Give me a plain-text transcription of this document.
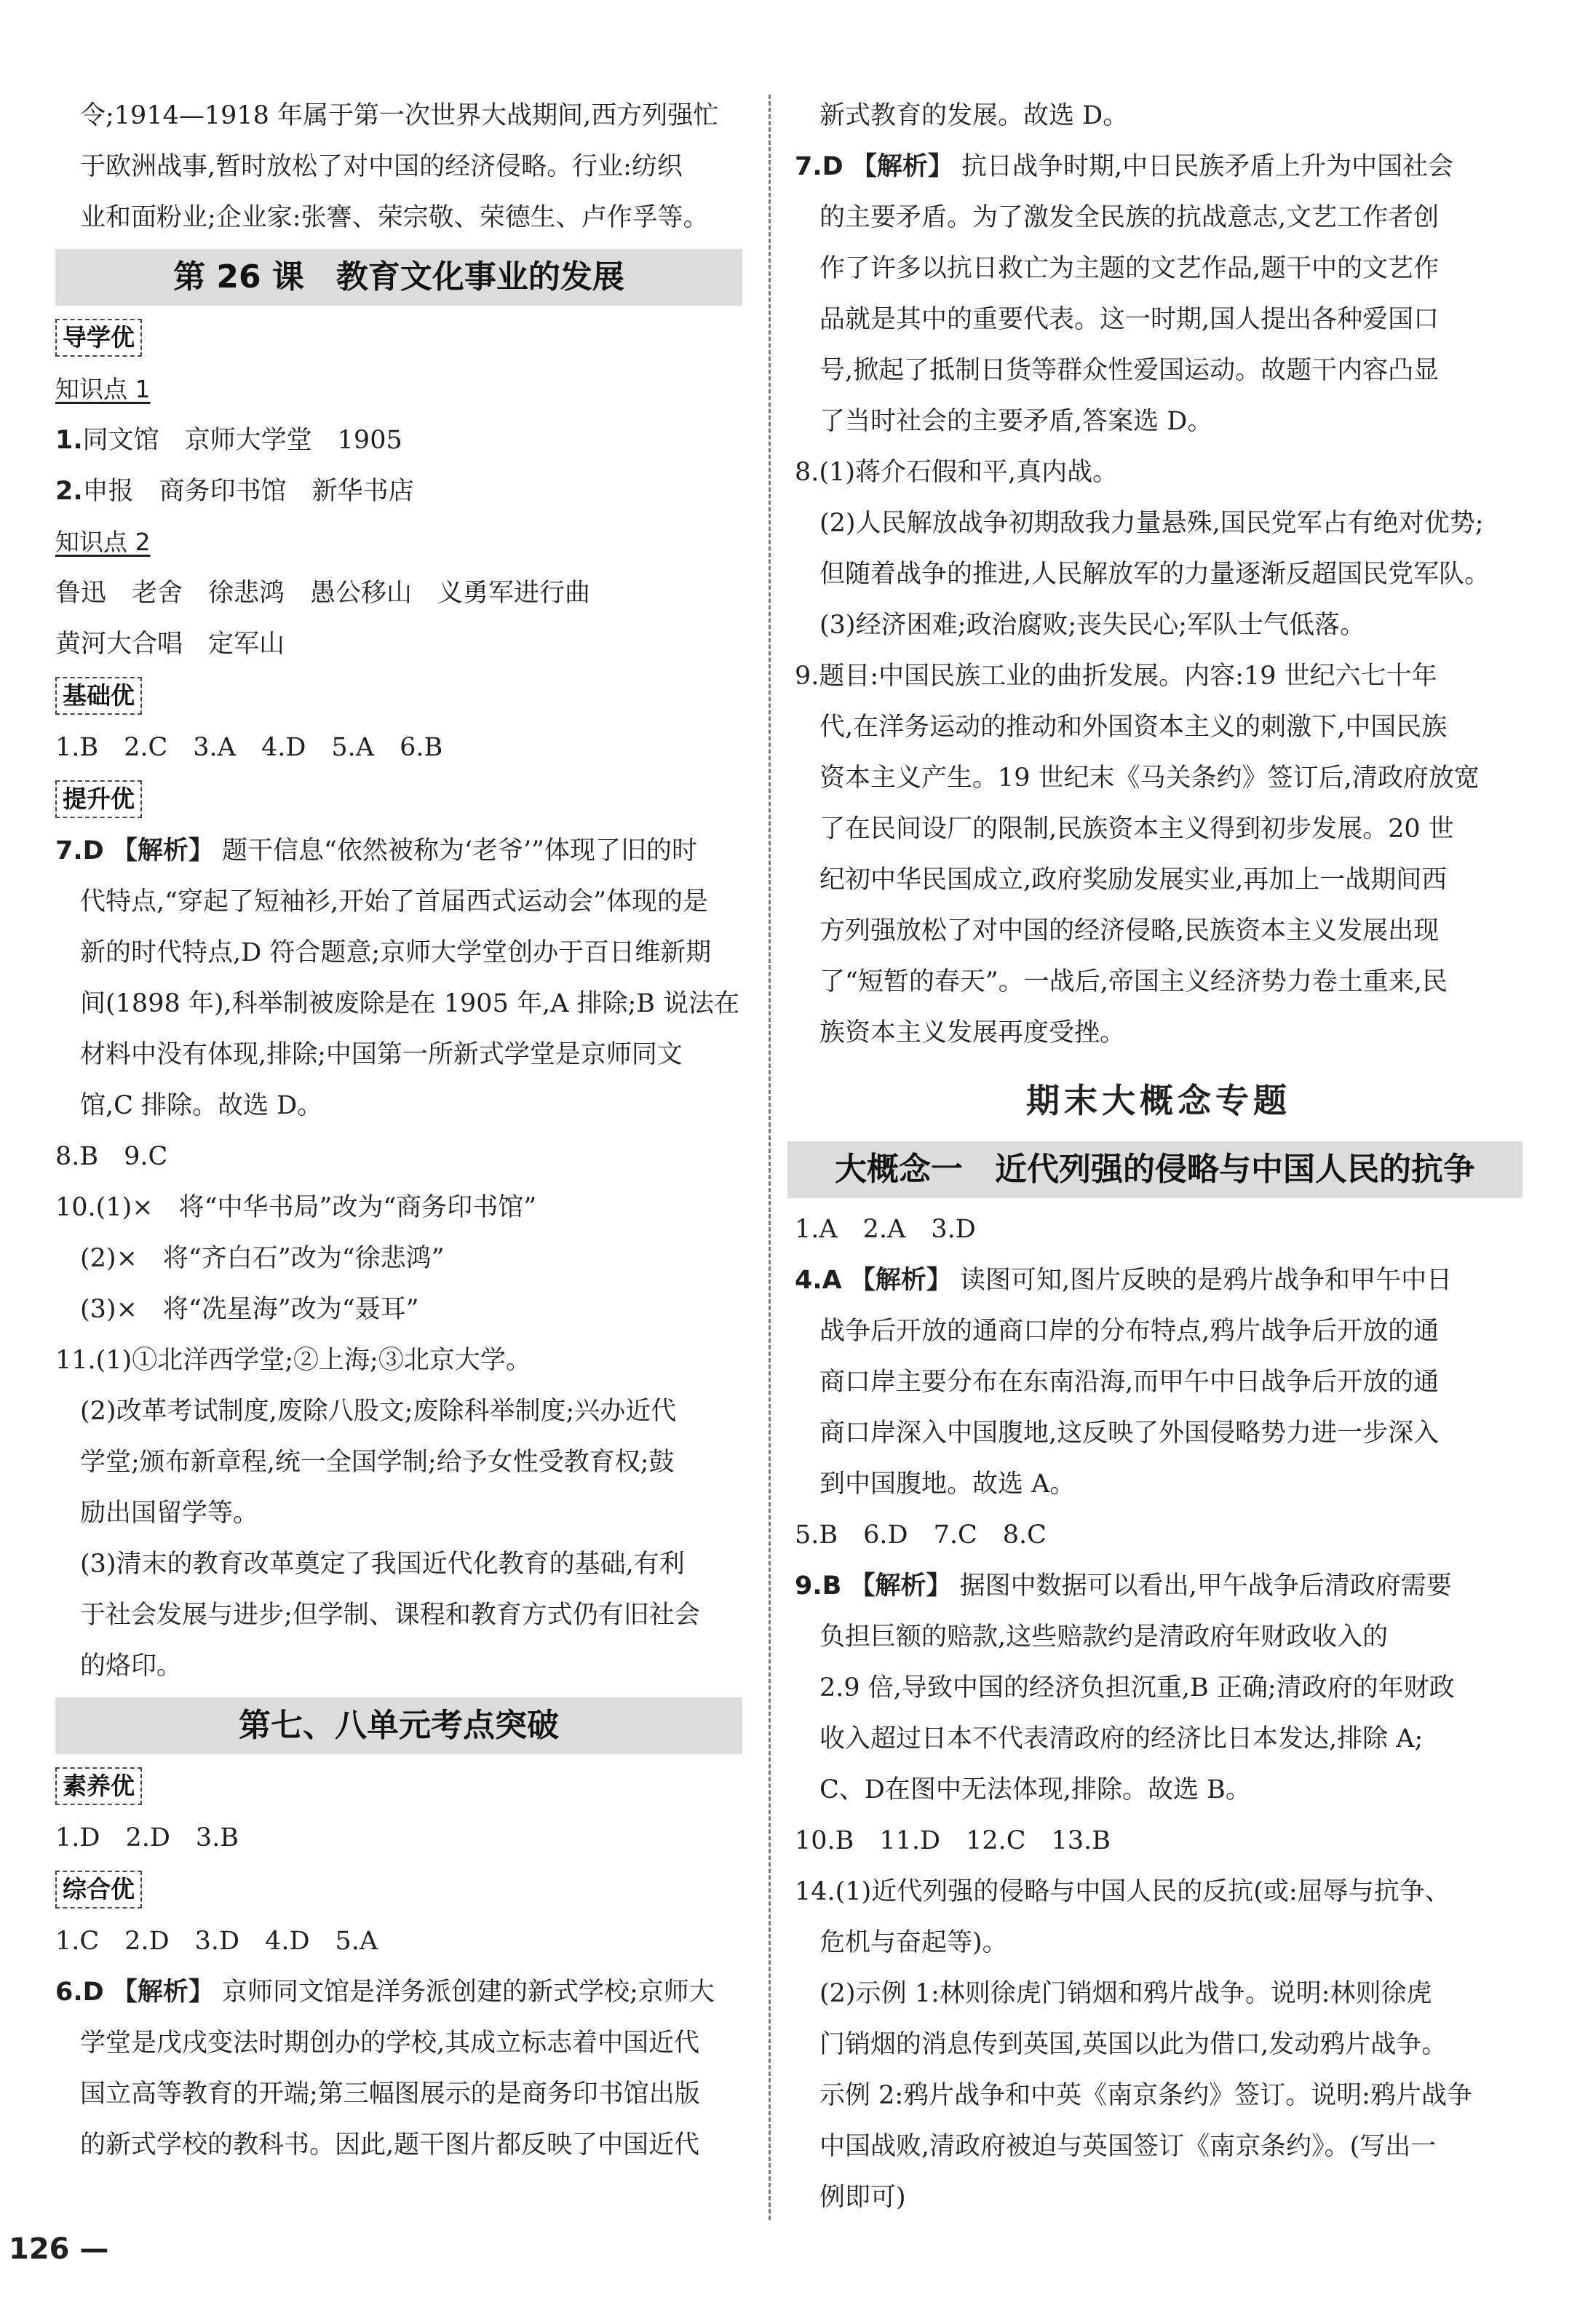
令;1914—1918 年属于第一次世界大战期间,西方列强忙

于欧洲战事,暂时放松了对中国的经济侵略。行业:纺织

业和面粉业;企业家:张謇、荣宗敬、荣德生、卢作孚等。

第 26 课　教育文化事业的发展
导学优

知识点 1

1.同文馆　京师大学堂　1905

2.申报　商务印书馆　新华书店

知识点 2

鲁迅　老舍　徐悲鸿　愚公移山　义勇军进行曲

黄河大合唱　定军山

基础优

1.B　2.C　3.A　4.D　5.A　6.B

提升优

7.D 【解析】 题干信息“依然被称为‘老爷’”体现了旧的时

代特点,“穿起了短袖衫,开始了首届西式运动会”体现的是

新的时代特点,D 符合题意;京师大学堂创办于百日维新期

间(1898 年),科举制被废除是在 1905 年,A 排除;B 说法在

材料中没有体现,排除;中国第一所新式学堂是京师同文

馆,C 排除。故选 D。

8.B　9.C

10.(1)×　将“中华书局”改为“商务印书馆”

(2)×　将“齐白石”改为“徐悲鸿”

(3)×　将“冼星海”改为“聂耳”

11.(1)①北洋西学堂;②上海;③北京大学。

(2)改革考试制度,废除八股文;废除科举制度;兴办近代

学堂;颁布新章程,统一全国学制;给予女性受教育权;鼓

励出国留学等。

(3)清末的教育改革奠定了我国近代化教育的基础,有利

于社会发展与进步;但学制、课程和教育方式仍有旧社会

的烙印。

第七、八单元考点突破
素养优

1.D　2.D　3.B

综合优

1.C　2.D　3.D　4.D　5.A

6.D 【解析】 京师同文馆是洋务派创建的新式学校;京师大

学堂是戊戌变法时期创办的学校,其成立标志着中国近代

国立高等教育的开端;第三幅图展示的是商务印书馆出版

的新式学校的教科书。因此,题干图片都反映了中国近代

新式教育的发展。故选 D。

7.D 【解析】 抗日战争时期,中日民族矛盾上升为中国社会

的主要矛盾。为了激发全民族的抗战意志,文艺工作者创

作了许多以抗日救亡为主题的文艺作品,题干中的文艺作

品就是其中的重要代表。这一时期,国人提出各种爱国口

号,掀起了抵制日货等群众性爱国运动。故题干内容凸显

了当时社会的主要矛盾,答案选 D。

8.(1)蒋介石假和平,真内战。

(2)人民解放战争初期敌我力量悬殊,国民党军占有绝对优势;

但随着战争的推进,人民解放军的力量逐渐反超国民党军队。

(3)经济困难;政治腐败;丧失民心;军队士气低落。

9.题目:中国民族工业的曲折发展。内容:19 世纪六七十年

代,在洋务运动的推动和外国资本主义的刺激下,中国民族

资本主义产生。19 世纪末《马关条约》签订后,清政府放宽

了在民间设厂的限制,民族资本主义得到初步发展。20 世

纪初中华民国成立,政府奖励发展实业,再加上一战期间西

方列强放松了对中国的经济侵略,民族资本主义发展出现

了“短暂的春天”。一战后,帝国主义经济势力卷土重来,民

族资本主义发展再度受挫。

期末大概念专题
大概念一　近代列强的侵略与中国人民的抗争

1.A　2.A　3.D

4.A 【解析】 读图可知,图片反映的是鸦片战争和甲午中日

战争后开放的通商口岸的分布特点,鸦片战争后开放的通

商口岸主要分布在东南沿海,而甲午中日战争后开放的通

商口岸深入中国腹地,这反映了外国侵略势力进一步深入

到中国腹地。故选 A。

5.B　6.D　7.C　8.C

9.B 【解析】 据图中数据可以看出,甲午战争后清政府需要

负担巨额的赔款,这些赔款约是清政府年财政收入的

2.9 倍,导致中国的经济负担沉重,B 正确;清政府的年财政

收入超过日本不代表清政府的经济比日本发达,排除 A;

C、D在图中无法体现,排除。故选 B。

10.B　11.D　12.C　13.B

14.(1)近代列强的侵略与中国人民的反抗(或:屈辱与抗争、

危机与奋起等)。

(2)示例 1:林则徐虎门销烟和鸦片战争。说明:林则徐虎

门销烟的消息传到英国,英国以此为借口,发动鸦片战争。

示例 2:鸦片战争和中英《南京条约》签订。说明:鸦片战争

中国战败,清政府被迫与英国签订《南京条约》。(写出一

例即可)

126 —
